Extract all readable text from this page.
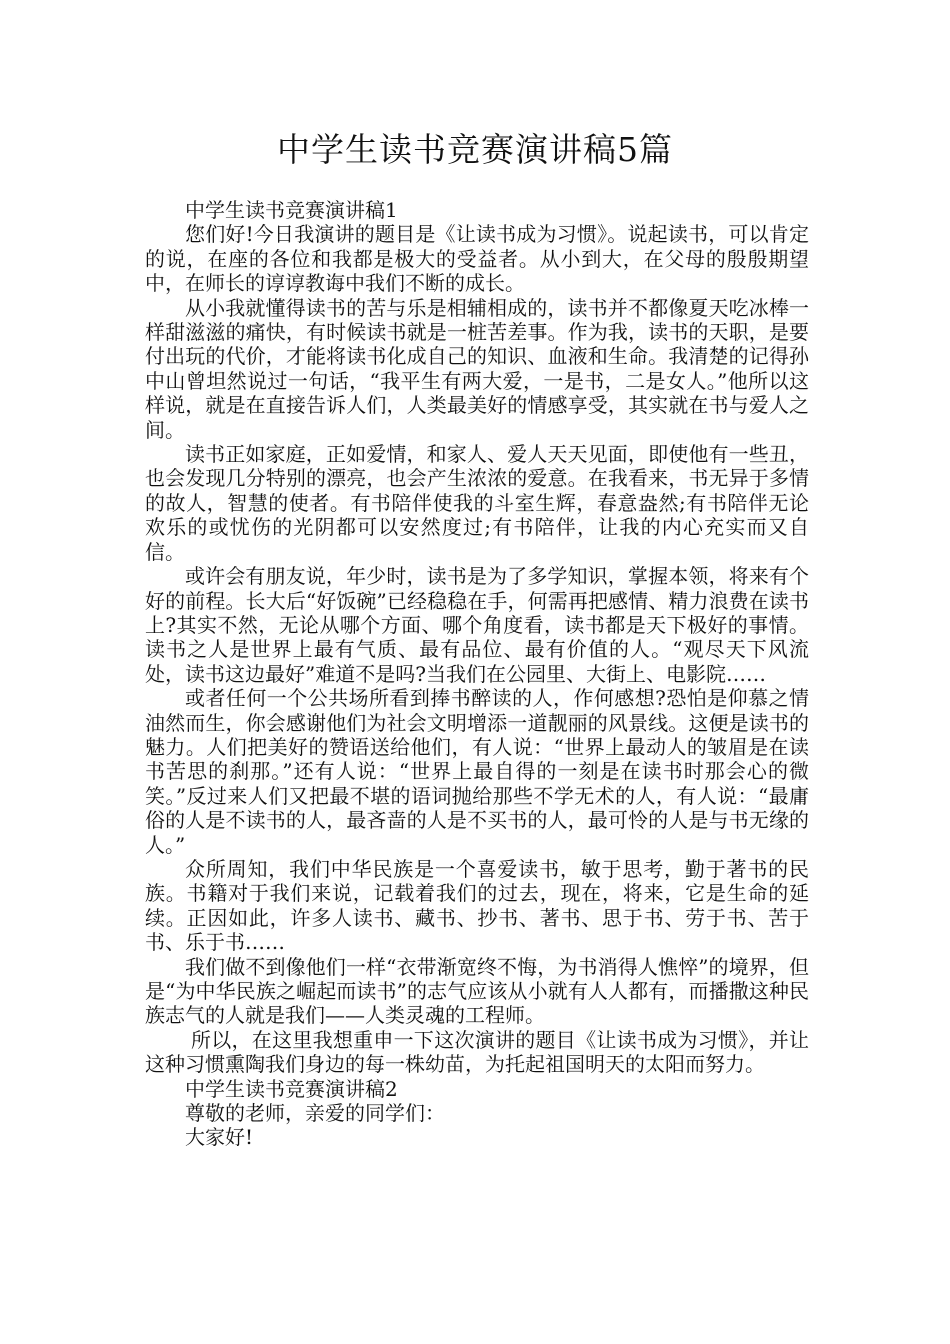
中学生读书竞赛演讲稿5篇

中学生读书竞赛演讲稿1

您们好!今日我演讲的题目是《让读书成为习惯》。说起读书，可以肯定的说，在座的各位和我都是极大的受益者。从小到大，在父母的殷殷期望中，在师长的谆谆教诲中我们不断的成长。

从小我就懂得读书的苦与乐是相辅相成的，读书并不都像夏天吃冰棒一样甜滋滋的痛快，有时候读书就是一桩苦差事。作为我，读书的天职，是要付出玩的代价，才能将读书化成自己的知识、血液和生命。我清楚的记得孙中山曾坦然说过一句话，“我平生有两大爱，一是书，二是女人。”他所以这样说，就是在直接告诉人们，人类最美好的情感享受，其实就在书与爱人之间。

读书正如家庭，正如爱情，和家人、爱人天天见面，即使他有一些丑，也会发现几分特别的漂亮，也会产生浓浓的爱意。在我看来，书无异于多情的故人，智慧的使者。有书陪伴使我的斗室生辉，春意盎然;有书陪伴无论欢乐的或忧伤的光阴都可以安然度过;有书陪伴，让我的内心充实而又自信。

或许会有朋友说，年少时，读书是为了多学知识，掌握本领，将来有个好的前程。长大后“好饭碗”已经稳稳在手，何需再把感情、精力浪费在读书上?其实不然，无论从哪个方面、哪个角度看，读书都是天下极好的事情。读书之人是世界上最有气质、最有品位、最有价值的人。“观尽天下风流处，读书这边最好”难道不是吗?当我们在公园里、大街上、电影院……

或者任何一个公共场所看到捧书醉读的人，作何感想?恐怕是仰慕之情油然而生，你会感谢他们为社会文明增添一道靓丽的风景线。这便是读书的魅力。人们把美好的赞语送给他们，有人说：“世界上最动人的皱眉是在读书苦思的刹那。”还有人说：“世界上最自得的一刻是在读书时那会心的微笑。”反过来人们又把最不堪的语词抛给那些不学无术的人，有人说：“最庸俗的人是不读书的人，最吝啬的人是不买书的人，最可怜的人是与书无缘的人。”

众所周知，我们中华民族是一个喜爱读书，敏于思考，勤于著书的民族。书籍对于我们来说，记载着我们的过去，现在，将来，它是生命的延续。正因如此，许多人读书、藏书、抄书、著书、思于书、劳于书、苦于书、乐于书……

我们做不到像他们一样“衣带渐宽终不悔，为书消得人憔悴”的境界，但是“为中华民族之崛起而读书”的志气应该从小就有人人都有，而播撒这种民族志气的人就是我们——人类灵魂的工程师。

所以，在这里我想重申一下这次演讲的题目《让读书成为习惯》，并让这种习惯熏陶我们身边的每一株幼苗，为托起祖国明天的太阳而努力。

中学生读书竞赛演讲稿2

尊敬的老师，亲爱的同学们：

大家好!
